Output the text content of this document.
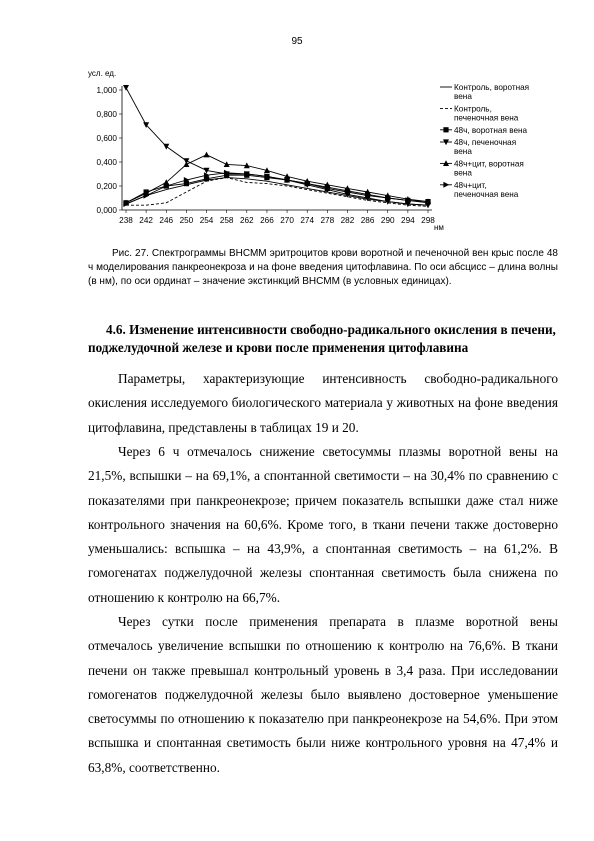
95
усл. ед.
нм
0,000
0,200
0,400
0,600
0,800
1,000
238 242 246 250 254 258 262 266 270 274 278 282 286 290 294 298
Контроль, воротная вена
Контроль, печеночная вена
48ч, воротная вена
48ч, печеночная вена
48ч+цит, воротная вена
48ч+цит, печеночная вена

Рис. 27. Спектрограммы ВНСММ эритроцитов крови воротной и печеночной вен крыс после 48 ч моделирования панкреонекроза и на фоне введения цитофлавина. По оси абсцисс – длина волны (в нм), по оси ординат – значение экстинкций ВНСММ (в условных единицах).

4.6. Изменение интенсивности свободно-радикального окисления в печени, поджелудочной железе и крови после применения цитофлавина

Параметры, характеризующие интенсивность свободно-радикального окисления исследуемого биологического материала у животных на фоне введения цитофлавина, представлены в таблицах 19 и 20.

Через 6 ч отмечалось снижение светосуммы плазмы воротной вены на 21,5%, вспышки – на 69,1%, а спонтанной светимости – на 30,4% по сравнению с показателями при панкреонекрозе; причем показатель вспышки даже стал ниже контрольного значения на 60,6%. Кроме того, в ткани печени также достоверно уменьшались: вспышка – на 43,9%, а спонтанная светимость – на 61,2%. В гомогенатах поджелудочной железы спонтанная светимость была снижена по отношению к контролю на 66,7%.

Через сутки после применения препарата в плазме воротной вены отмечалось увеличение вспышки по отношению к контролю на 76,6%. В ткани печени он также превышал контрольный уровень в 3,4 раза. При исследовании гомогенатов поджелудочной железы было выявлено достоверное уменьшение светосуммы по отношению к показателю при панкреонекрозе на 54,6%. При этом вспышка и спонтанная светимость были ниже контрольного уровня на 47,4% и 63,8%, соответственно.
